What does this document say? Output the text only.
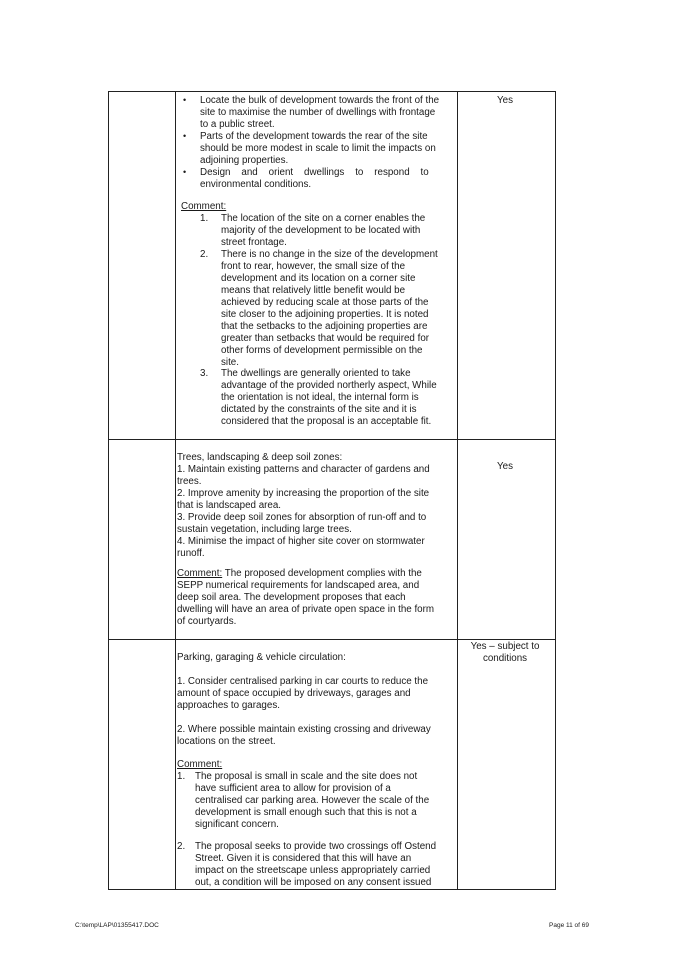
• Locate the bulk of development towards the front of the
site to maximise the number of dwellings with frontage
to a public street.
• Parts of the development towards the rear of the site
should be more modest in scale to limit the impacts on
adjoining properties.
• Design    and    orient    dwellings    to    respond    to
environmental conditions.
Comment:
1. The location of the site on a corner enables the
majority of the development to be located with
street frontage.
2. There is no change in the size of the development
front to rear, however, the small size of the
development and its location on a corner site
means that relatively little benefit would be
achieved by reducing scale at those parts of the
site closer to the adjoining properties. It is noted
that the setbacks to the adjoining properties are
greater than setbacks that would be required for
other forms of development permissible on the
site.
3. The dwellings are generally oriented to take
advantage of the provided northerly aspect, While
the orientation is not ideal, the internal form is
dictated by the constraints of the site and it is
considered that the proposal is an acceptable fit.
Yes
Trees, landscaping & deep soil zones:
1. Maintain existing patterns and character of gardens and
trees.
2. Improve amenity by increasing the proportion of the site
that is landscaped area.
3. Provide deep soil zones for absorption of run-off and to
sustain vegetation, including large trees.
4. Minimise the impact of higher site cover on stormwater
runoff.
Comment: The proposed development complies with the
SEPP numerical requirements for landscaped area, and
deep soil area. The development proposes that each
dwelling will have an area of private open space in the form
of courtyards.
Yes
Parking, garaging & vehicle circulation:
1. Consider centralised parking in car courts to reduce the
amount of space occupied by driveways, garages and
approaches to garages.
2. Where possible maintain existing crossing and driveway
locations on the street.
Comment:
1. The proposal is small in scale and the site does not
have sufficient area to allow for provision of a
centralised car parking area. However the scale of the
development is small enough such that this is not a
significant concern.
2. The proposal seeks to provide two crossings off Ostend
Street. Given it is considered that this will have an
impact on the streetscape unless appropriately carried
out, a condition will be imposed on any consent issued
Yes – subject to
conditions
C:\temp\LAP\01355417.DOC	Page 11 of 69
